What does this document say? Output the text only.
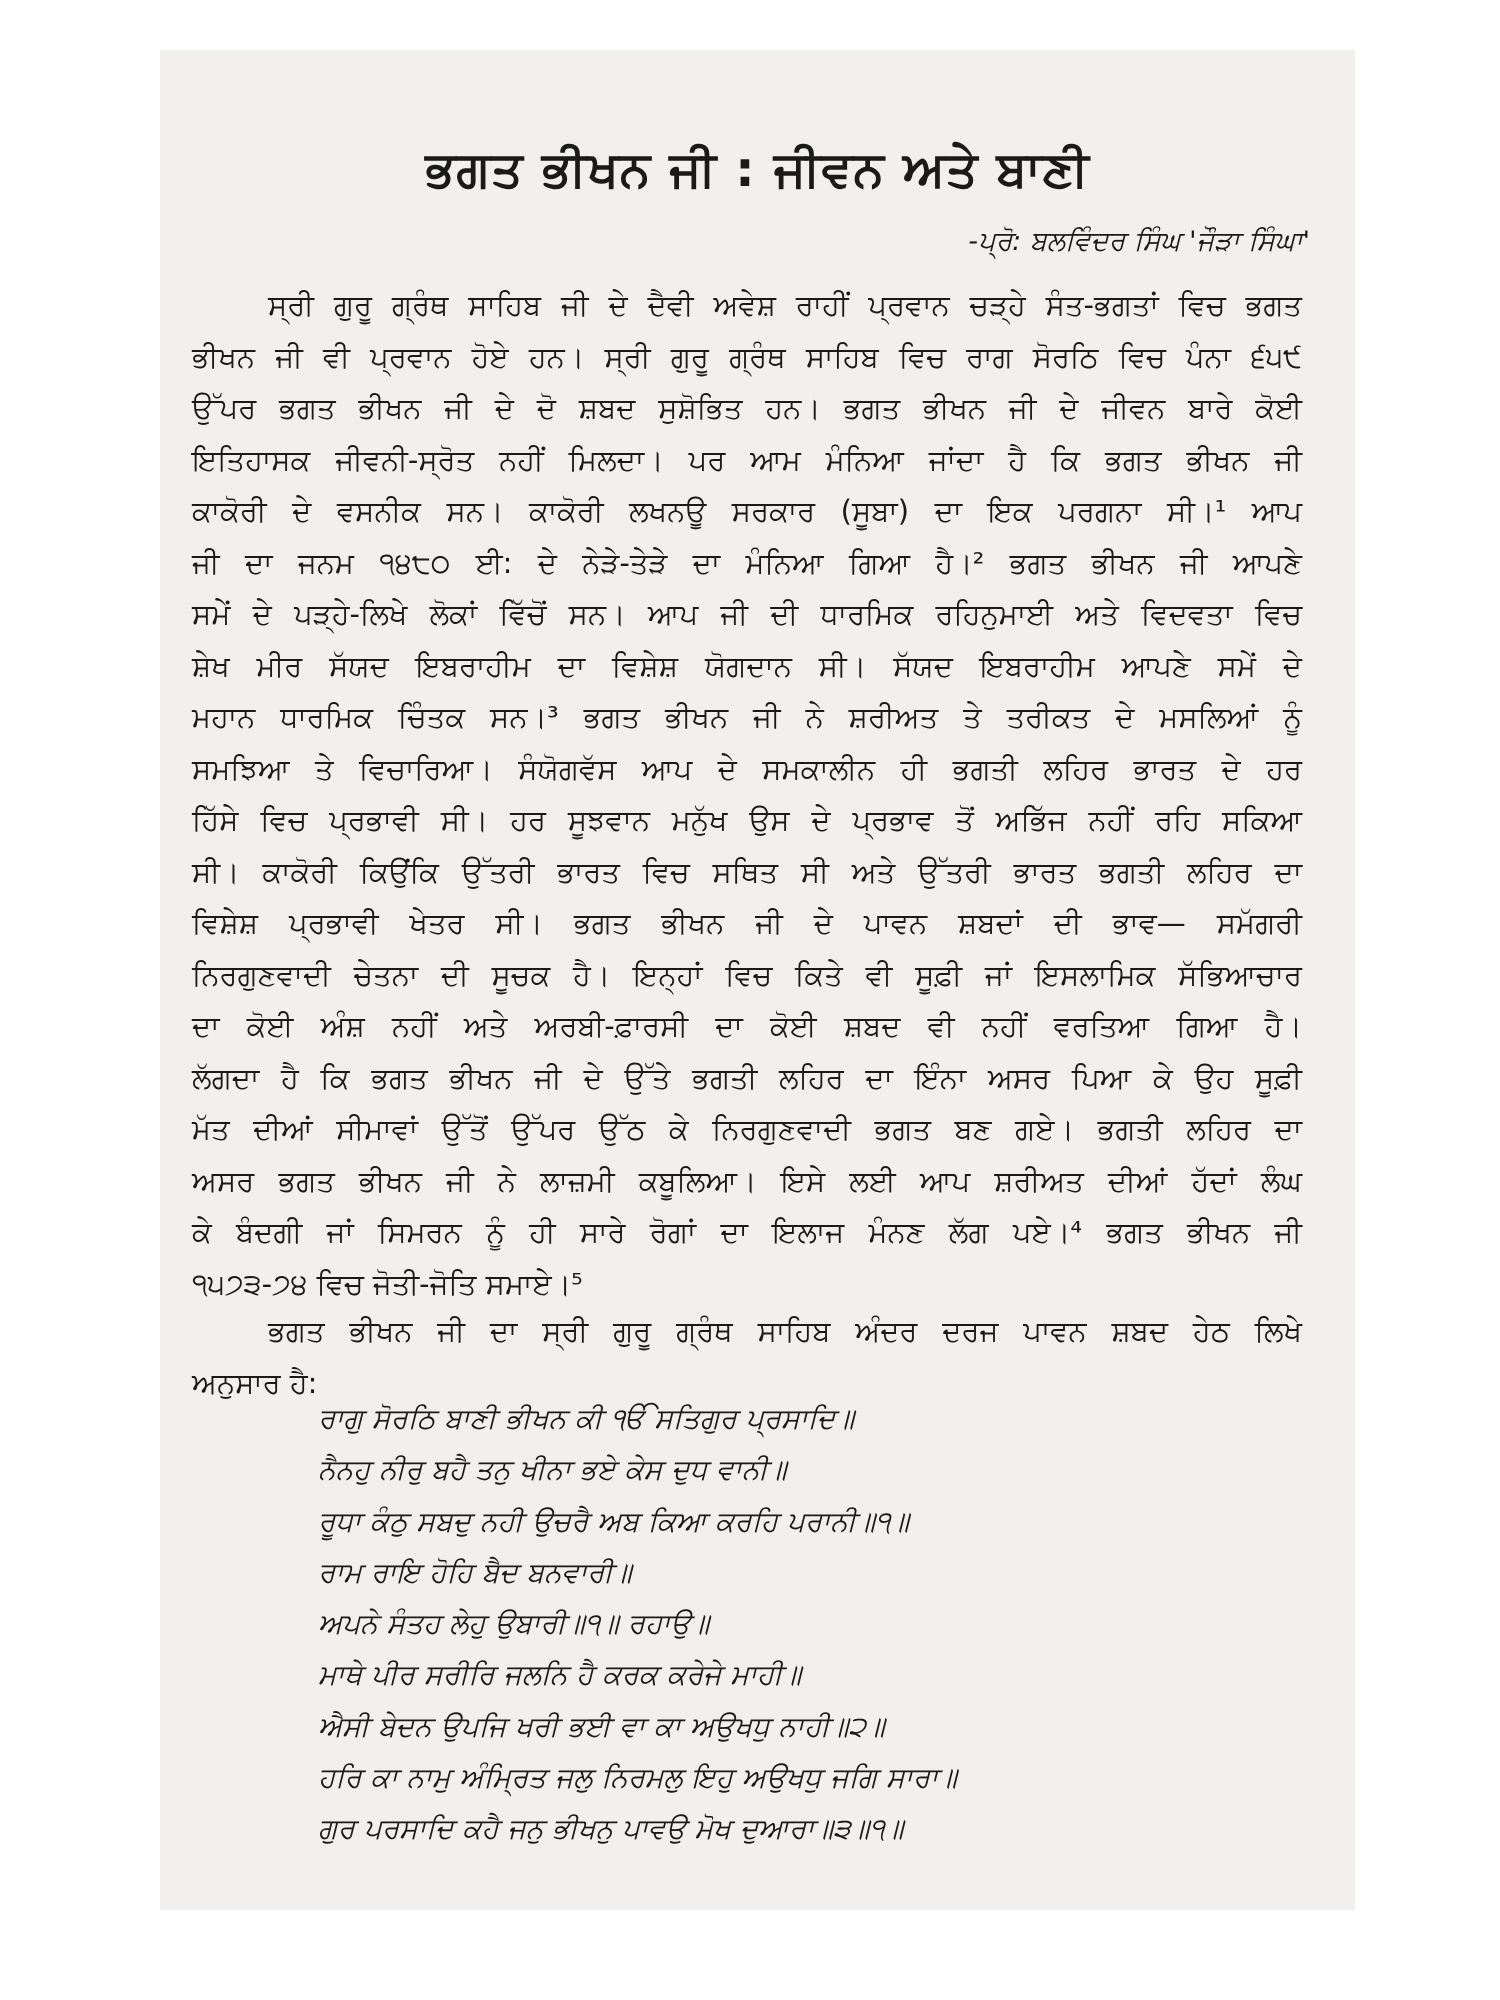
ਭਗਤ ਭੀਖਨ ਜੀ : ਜੀਵਨ ਅਤੇ ਬਾਣੀ
-ਪ੍ਰੋ: ਬਲਵਿੰਦਰ ਸਿੰਘ 'ਜੌੜਾ ਸਿੰਘਾ'
ਸ੍ਰੀ ਗੁਰੂ ਗ੍ਰੰਥ ਸਾਹਿਬ ਜੀ ਦੇ ਦੈਵੀ ਅਵੇਸ਼ ਰਾਹੀਂ ਪ੍ਰਵਾਨ ਚੜ੍ਹੇ ਸੰਤ-ਭਗਤਾਂ ਵਿਚ ਭਗਤ
ਭੀਖਨ ਜੀ ਵੀ ਪ੍ਰਵਾਨ ਹੋਏ ਹਨ। ਸ੍ਰੀ ਗੁਰੂ ਗ੍ਰੰਥ ਸਾਹਿਬ ਵਿਚ ਰਾਗ ਸੋਰਠਿ ਵਿਚ ਪੰਨਾ ੬੫੯
ਉੱਪਰ ਭਗਤ ਭੀਖਨ ਜੀ ਦੇ ਦੋ ਸ਼ਬਦ ਸੁਸ਼ੋਭਿਤ ਹਨ। ਭਗਤ ਭੀਖਨ ਜੀ ਦੇ ਜੀਵਨ ਬਾਰੇ ਕੋਈ
ਇਤਿਹਾਸਕ ਜੀਵਨੀ-ਸ੍ਰੋਤ ਨਹੀਂ ਮਿਲਦਾ। ਪਰ ਆਮ ਮੰਨਿਆ ਜਾਂਦਾ ਹੈ ਕਿ ਭਗਤ ਭੀਖਨ ਜੀ
ਕਾਕੋਰੀ ਦੇ ਵਸਨੀਕ ਸਨ। ਕਾਕੋਰੀ ਲਖਨਊ ਸਰਕਾਰ (ਸੂਬਾ) ਦਾ ਇਕ ਪਰਗਨਾ ਸੀ।¹ ਆਪ
ਜੀ ਦਾ ਜਨਮ ੧੪੮੦ ਈ: ਦੇ ਨੇੜੇ-ਤੇੜੇ ਦਾ ਮੰਨਿਆ ਗਿਆ ਹੈ।² ਭਗਤ ਭੀਖਨ ਜੀ ਆਪਣੇ
ਸਮੇਂ ਦੇ ਪੜ੍ਹੇ-ਲਿਖੇ ਲੋਕਾਂ ਵਿੱਚੋਂ ਸਨ। ਆਪ ਜੀ ਦੀ ਧਾਰਮਿਕ ਰਹਿਨੁਮਾਈ ਅਤੇ ਵਿਦਵਤਾ ਵਿਚ
ਸ਼ੇਖ ਮੀਰ ਸੱਯਦ ਇਬਰਾਹੀਮ ਦਾ ਵਿਸ਼ੇਸ਼ ਯੋਗਦਾਨ ਸੀ। ਸੱਯਦ ਇਬਰਾਹੀਮ ਆਪਣੇ ਸਮੇਂ ਦੇ
ਮਹਾਨ ਧਾਰਮਿਕ ਚਿੰਤਕ ਸਨ।³ ਭਗਤ ਭੀਖਨ ਜੀ ਨੇ ਸ਼ਰੀਅਤ ਤੇ ਤਰੀਕਤ ਦੇ ਮਸਲਿਆਂ ਨੂੰ
ਸਮਝਿਆ ਤੇ ਵਿਚਾਰਿਆ। ਸੰਯੋਗਵੱਸ ਆਪ ਦੇ ਸਮਕਾਲੀਨ ਹੀ ਭਗਤੀ ਲਹਿਰ ਭਾਰਤ ਦੇ ਹਰ
ਹਿੱਸੇ ਵਿਚ ਪ੍ਰਭਾਵੀ ਸੀ। ਹਰ ਸੂਝਵਾਨ ਮਨੁੱਖ ਉਸ ਦੇ ਪ੍ਰਭਾਵ ਤੋਂ ਅਭਿੱਜ ਨਹੀਂ ਰਹਿ ਸਕਿਆ
ਸੀ। ਕਾਕੋਰੀ ਕਿਉਂਕਿ ਉੱਤਰੀ ਭਾਰਤ ਵਿਚ ਸਥਿਤ ਸੀ ਅਤੇ ਉੱਤਰੀ ਭਾਰਤ ਭਗਤੀ ਲਹਿਰ ਦਾ
ਵਿਸ਼ੇਸ਼ ਪ੍ਰਭਾਵੀ ਖੇਤਰ ਸੀ। ਭਗਤ ਭੀਖਨ ਜੀ ਦੇ ਪਾਵਨ ਸ਼ਬਦਾਂ ਦੀ ਭਾਵ— ਸਮੱਗਰੀ
ਨਿਰਗੁਣਵਾਦੀ ਚੇਤਨਾ ਦੀ ਸੂਚਕ ਹੈ। ਇਨ੍ਹਾਂ ਵਿਚ ਕਿਤੇ ਵੀ ਸੂਫ਼ੀ ਜਾਂ ਇਸਲਾਮਿਕ ਸੱਭਿਆਚਾਰ
ਦਾ ਕੋਈ ਅੰਸ਼ ਨਹੀਂ ਅਤੇ ਅਰਬੀ-ਫ਼ਾਰਸੀ ਦਾ ਕੋਈ ਸ਼ਬਦ ਵੀ ਨਹੀਂ ਵਰਤਿਆ ਗਿਆ ਹੈ।
ਲੱਗਦਾ ਹੈ ਕਿ ਭਗਤ ਭੀਖਨ ਜੀ ਦੇ ਉੱਤੇ ਭਗਤੀ ਲਹਿਰ ਦਾ ਇੰਨਾ ਅਸਰ ਪਿਆ ਕੇ ਉਹ ਸੂਫ਼ੀ
ਮੱਤ ਦੀਆਂ ਸੀਮਾਵਾਂ ਉੱਤੋਂ ਉੱਪਰ ਉੱਠ ਕੇ ਨਿਰਗੁਣਵਾਦੀ ਭਗਤ ਬਣ ਗਏ। ਭਗਤੀ ਲਹਿਰ ਦਾ
ਅਸਰ ਭਗਤ ਭੀਖਨ ਜੀ ਨੇ ਲਾਜ਼ਮੀ ਕਬੂਲਿਆ। ਇਸੇ ਲਈ ਆਪ ਸ਼ਰੀਅਤ ਦੀਆਂ ਹੱਦਾਂ ਲੰਘ
ਕੇ ਬੰਦਗੀ ਜਾਂ ਸਿਮਰਨ ਨੂੰ ਹੀ ਸਾਰੇ ਰੋਗਾਂ ਦਾ ਇਲਾਜ ਮੰਨਣ ਲੱਗ ਪਏ।⁴ ਭਗਤ ਭੀਖਨ ਜੀ
੧੫੭੩-੭੪ ਵਿਚ ਜੋਤੀ-ਜੋਤਿ ਸਮਾਏ।⁵
ਭਗਤ ਭੀਖਨ ਜੀ ਦਾ ਸ੍ਰੀ ਗੁਰੂ ਗ੍ਰੰਥ ਸਾਹਿਬ ਅੰਦਰ ਦਰਜ ਪਾਵਨ ਸ਼ਬਦ ਹੇਠ ਲਿਖੇ
ਅਨੁਸਾਰ ਹੈ:
ਰਾਗੁ ਸੋਰਠਿ ਬਾਣੀ ਭੀਖਨ ਕੀ ੴ ਸਤਿਗੁਰ ਪ੍ਰਸਾਦਿ॥
ਨੈਨਹੁ ਨੀਰੁ ਬਹੈ ਤਨੁ ਖੀਨਾ ਭਏ ਕੇਸ ਦੁਧ ਵਾਨੀ॥
ਰੂਧਾ ਕੰਠੁ ਸਬਦੁ ਨਹੀ ਉਚਰੈ ਅਬ ਕਿਆ ਕਰਹਿ ਪਰਾਨੀ॥੧॥
ਰਾਮ ਰਾਇ ਹੋਹਿ ਬੈਦ ਬਨਵਾਰੀ॥
ਅਪਨੇ ਸੰਤਹ ਲੇਹੁ ਉਬਾਰੀ॥੧॥ ਰਹਾਉ॥
ਮਾਥੇ ਪੀਰ ਸਰੀਰਿ ਜਲਨਿ ਹੈ ਕਰਕ ਕਰੇਜੇ ਮਾਹੀ॥
ਐਸੀ ਬੇਦਨ ਉਪਜਿ ਖਰੀ ਭਈ ਵਾ ਕਾ ਅਉਖਧੁ ਨਾਹੀ॥੨॥
ਹਰਿ ਕਾ ਨਾਮੁ ਅੰਮ੍ਰਿਤ ਜਲੁ ਨਿਰਮਲੁ ਇਹੁ ਅਉਖਧੁ ਜਗਿ ਸਾਰਾ॥
ਗੁਰ ਪਰਸਾਦਿ ਕਹੈ ਜਨੁ ਭੀਖਨੁ ਪਾਵਉ ਮੋਖ ਦੁਆਰਾ॥੩॥੧॥
